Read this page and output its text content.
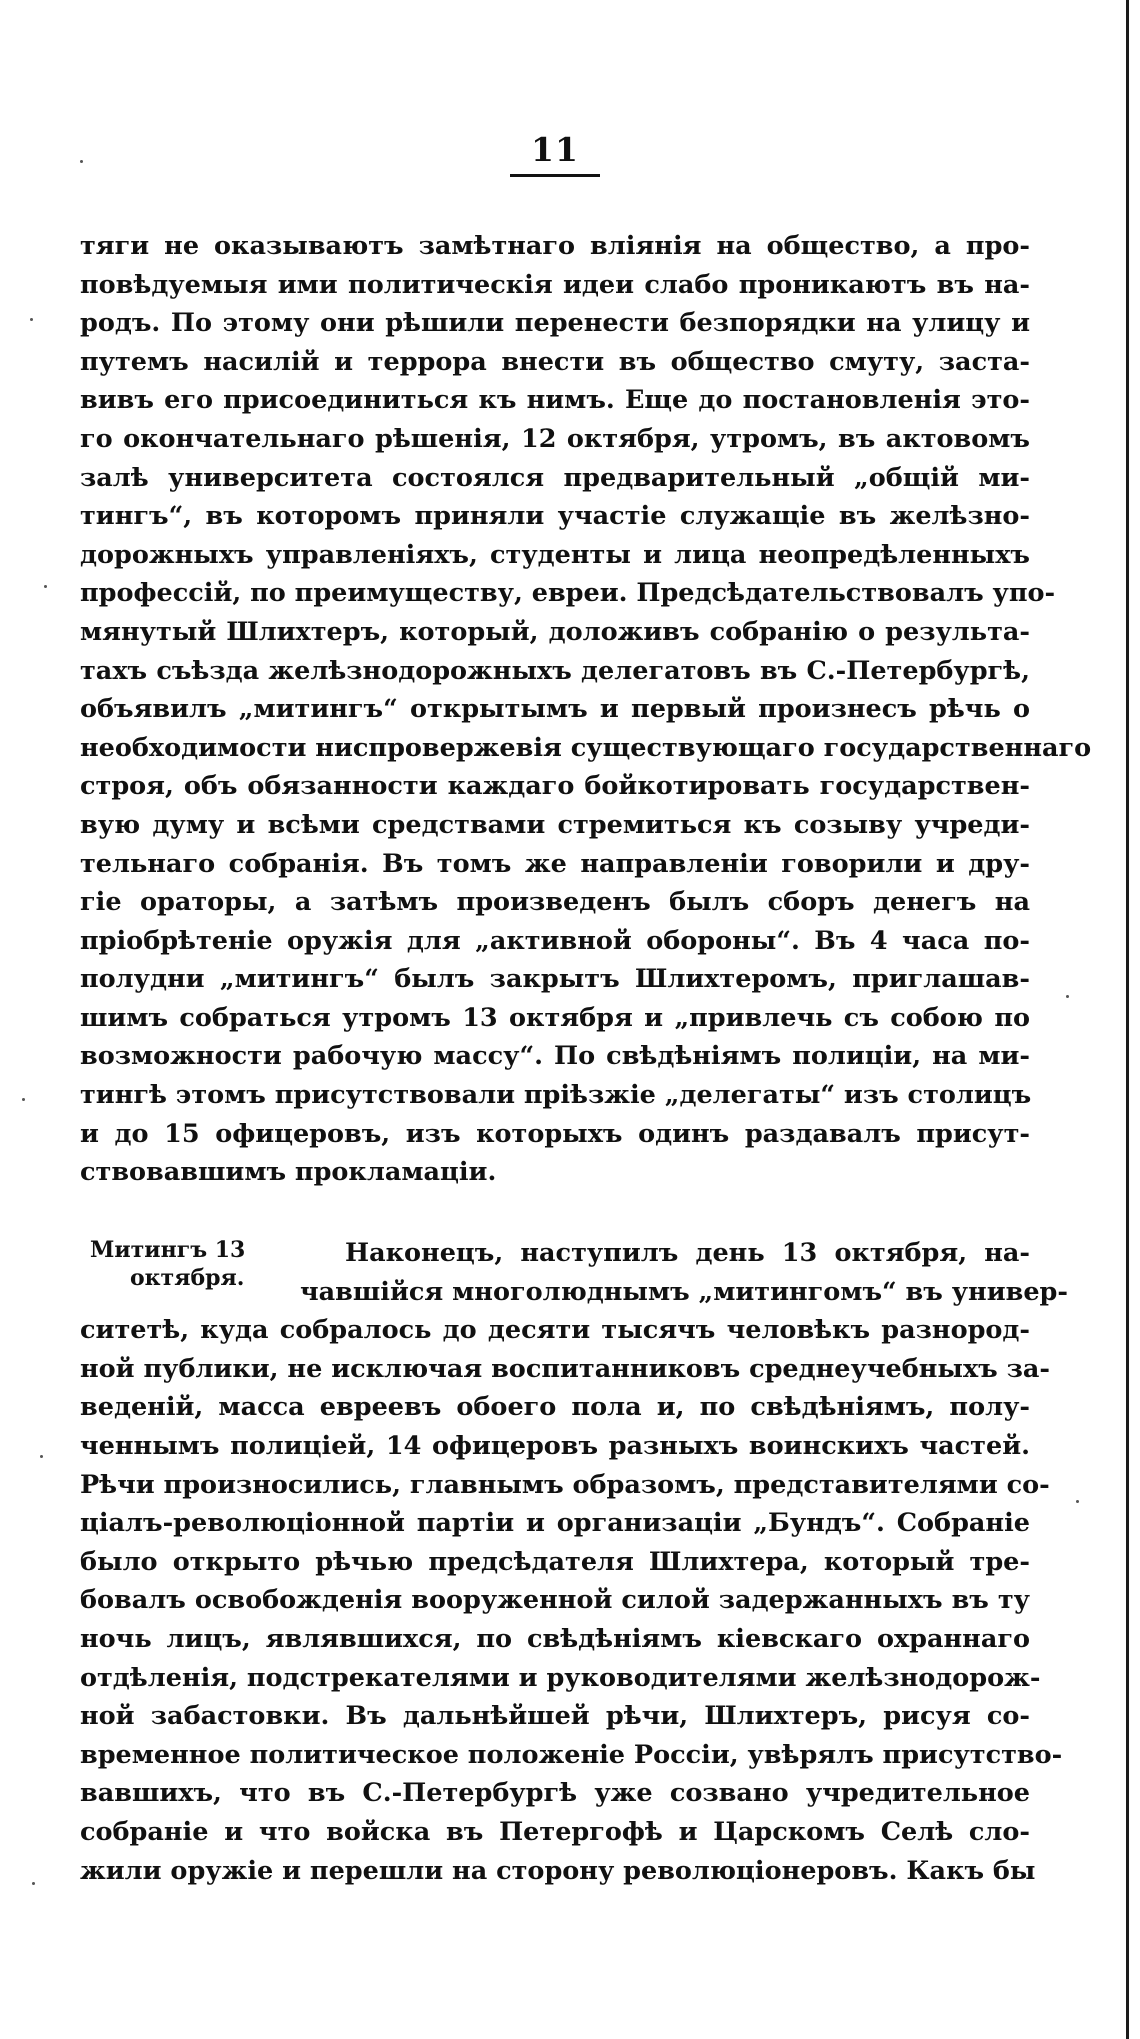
11
тяги не оказываютъ замѣтнаго вліянія на общество, а про-
повѣдуемыя ими политическія идеи слабо проникаютъ въ на-
родъ. По этому они рѣшили перенести безпорядки на улицу и
путемъ насилій и террора внести въ общество смуту, застa-
вивъ его присоединиться къ нимъ. Еще до постановленія это-
го окончательнаго рѣшенія, 12 октября, утромъ, въ актовомъ
залѣ университета состоялся предварительный „общій ми-
тингъ“, въ которомъ приняли участіе служащіе въ желѣзно-
дорожныхъ управленіяхъ, студенты и лица неопредѣленныхъ
профессій, по преимуществу, евреи. Предсѣдательствовалъ упо-
мянутый Шлихтеръ, который, доложивъ собранію о результа-
тахъ съѣзда желѣзнодорожныхъ делегатовъ въ С.-Петербургѣ,
объявилъ „митингъ“ открытымъ и первый произнесъ рѣчь о
необходимости ниспровержевія существующаго государственнаго
строя, объ обязанности каждаго бойкотировать государствен-
вую думу и всѣми средствами стремиться къ созыву учреди-
тельнаго собранія. Въ томъ же направленіи говорили и дру-
гіе ораторы, а затѣмъ произведенъ былъ сборъ денегъ на
пріобрѣтеніе оружія для „активной обороны“. Въ 4 часа по-
полудни „митингъ“ былъ закрытъ Шлихтеромъ, приглашав-
шимъ собраться утромъ 13 октября и „привлечь съ собою по
возможности рабочую массу“. По свѣдѣніямъ полиціи, на ми-
тингѣ этомъ присутствовали пріѣзжіе „делегаты“ изъ столицъ
и до 15 офицеровъ, изъ которыхъ одинъ раздавалъ присут-
ствовавшимъ прокламаціи.
Митингъ 13
октября.
Наконецъ, наступилъ день 13 октября, на-
чавшійся многолюднымъ „митингомъ“ въ универ-
ситетѣ, куда собралось до десяти тысячъ человѣкъ разнород-
ной публики, не исключая воспитанниковъ среднеучебныхъ за-
веденій, масса евреевъ обоего пола и, по свѣдѣніямъ, полу-
ченнымъ полиціей, 14 офицеровъ разныхъ воинскихъ частей.
Рѣчи произносились, главнымъ образомъ, представителями со-
ціалъ-революціонной партіи и организаціи „Бундъ“. Собраніе
было открыто рѣчью предсѣдателя Шлихтера, который тре-
бовалъ освобожденія вооруженной силой задержанныхъ въ ту
ночь лицъ, являвшихся, по свѣдѣніямъ кіевскаго охраннаго
отдѣленія, подстрекателями и руководителями желѣзнодорож-
ной забастовки. Въ дальнѣйшей рѣчи, Шлихтеръ, рисуя со-
временное политическое положеніе Россіи, увѣрялъ присутство-
вавшихъ, что въ С.-Петербургѣ уже созвано учредительное
собраніе и что войска въ Петергофѣ и Царскомъ Селѣ сло-
жили оружіе и перешли на сторону революціонеровъ. Какъ бы
